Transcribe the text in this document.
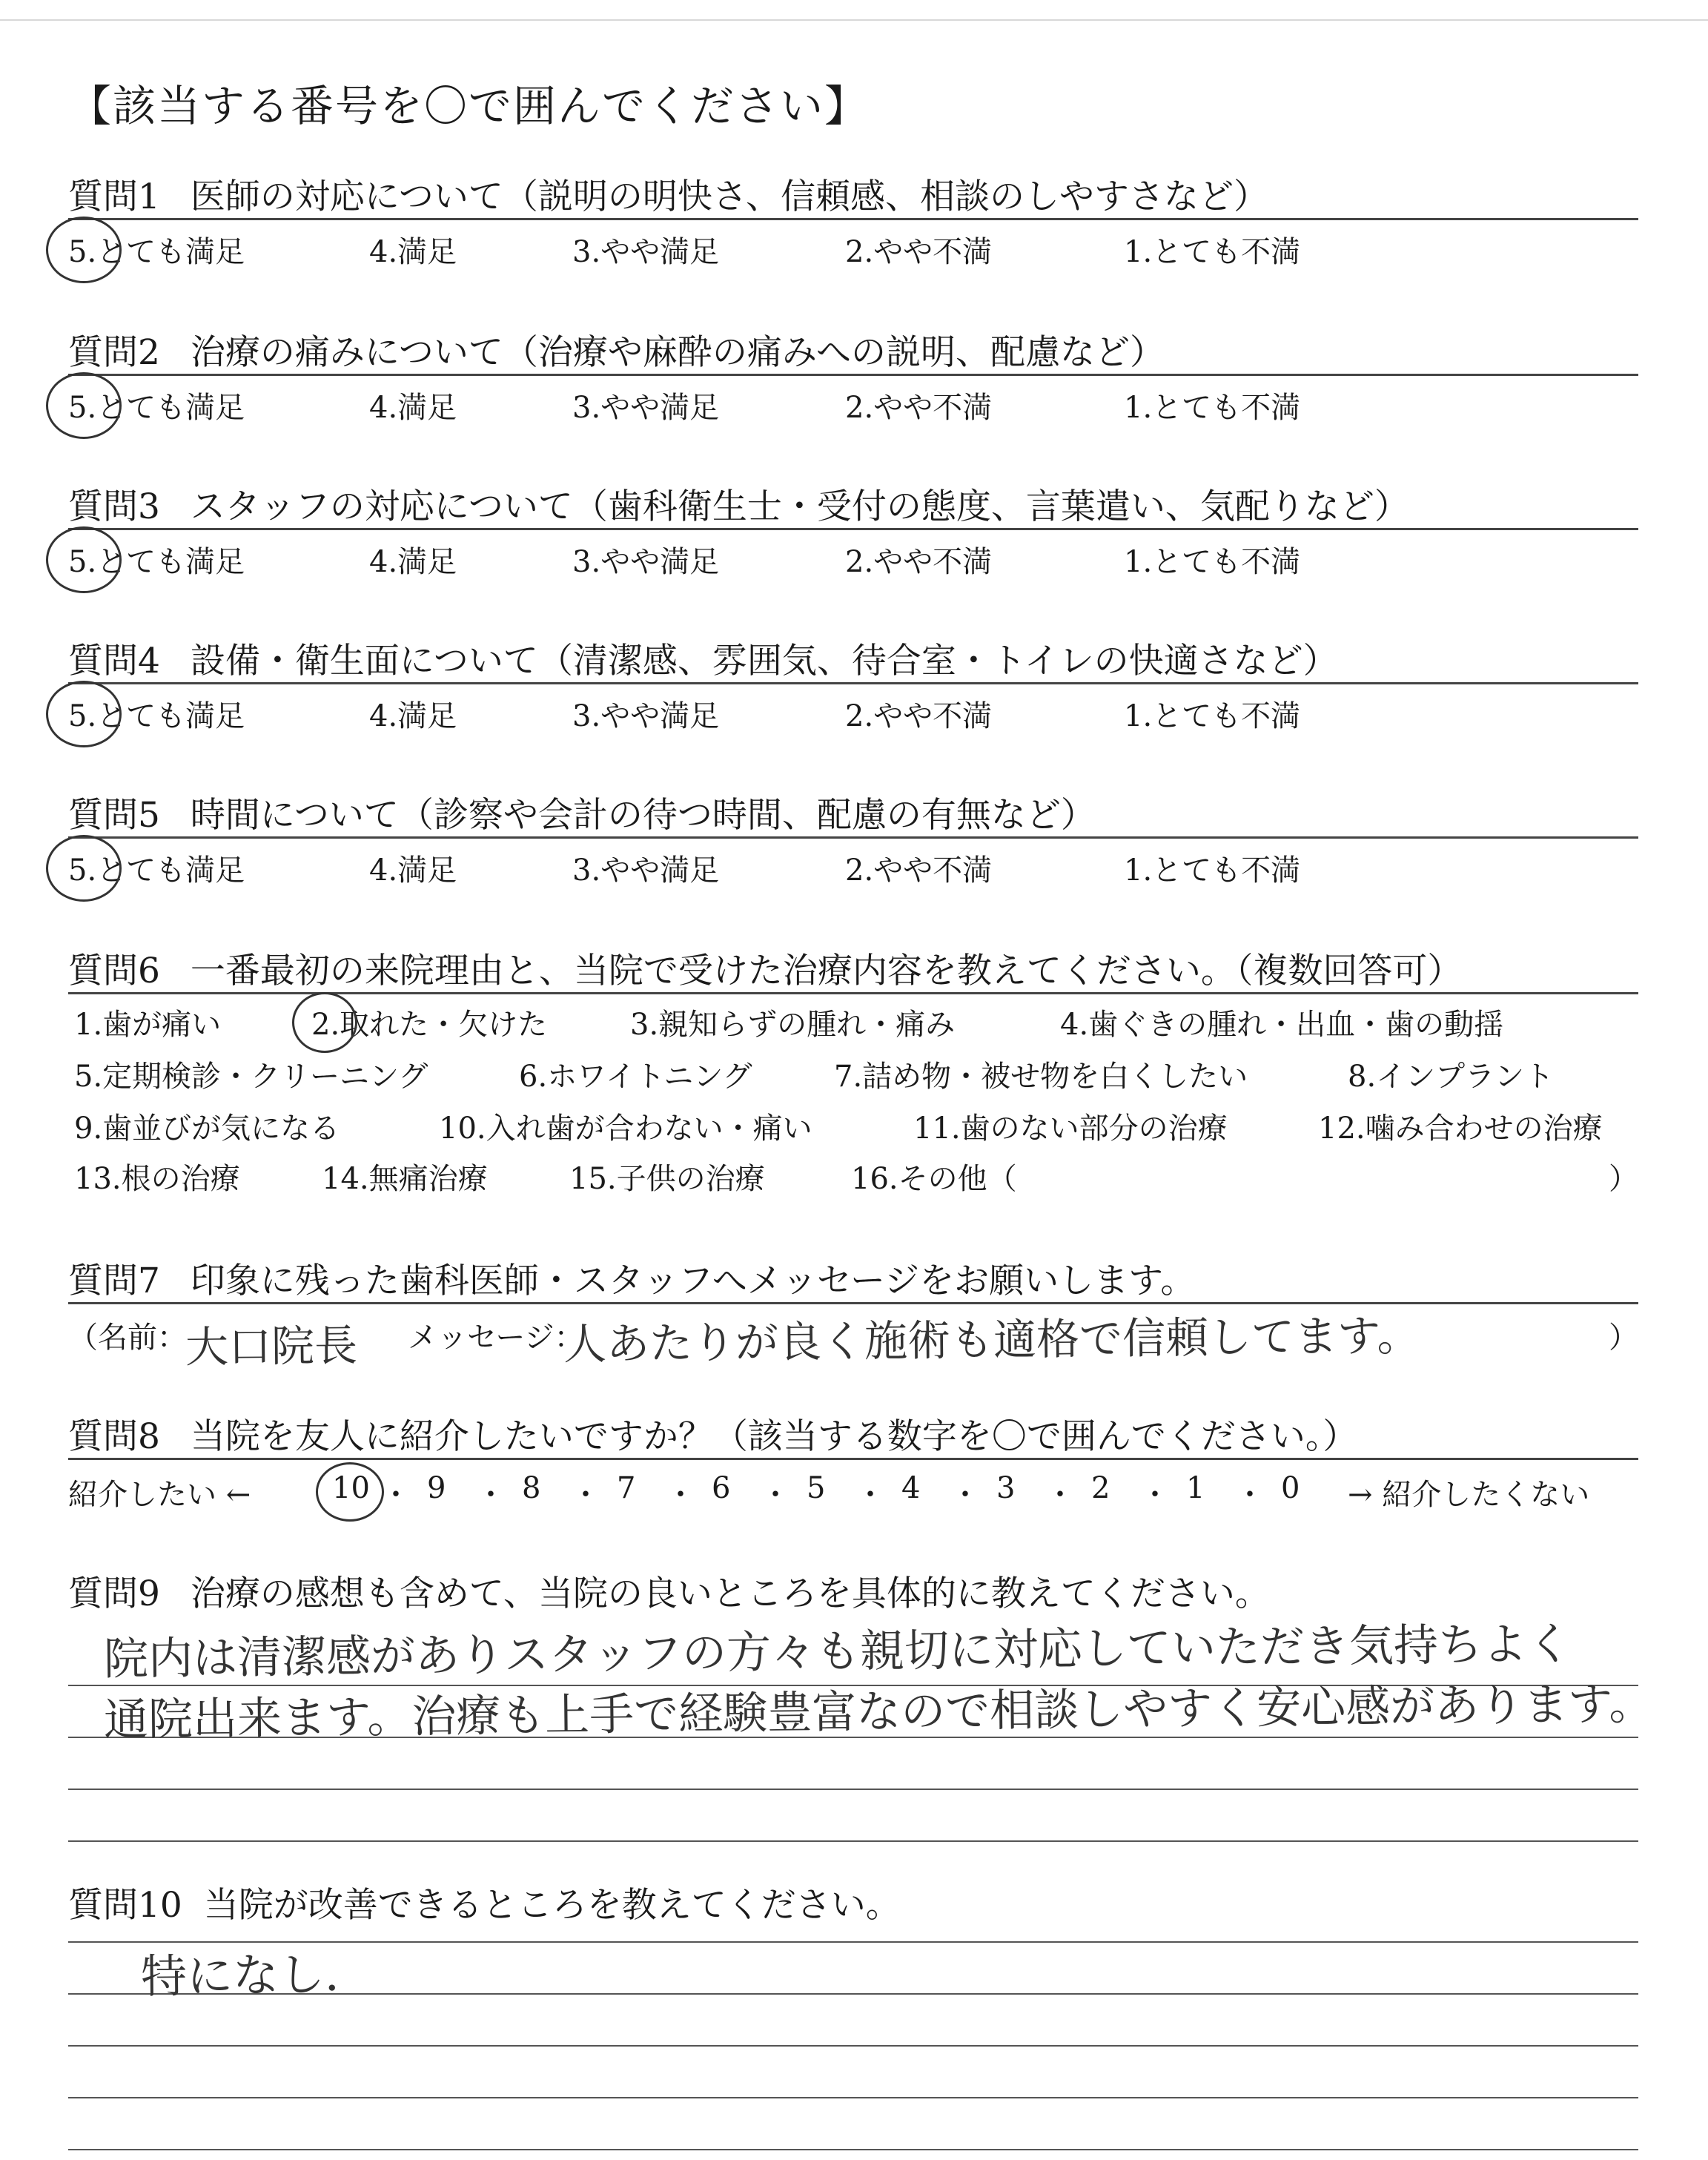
【該当する番号を〇で囲んでください】
質問1 医師の対応について（説明の明快さ、信頼感、相談のしやすさなど）
5.とても満足	4.満足	3.やや満足	2.やや不満	1.とても不満
質問2 治療の痛みについて（治療や麻酔の痛みへの説明、配慮など）
5.とても満足	4.満足	3.やや満足	2.やや不満	1.とても不満
質問3 スタッフの対応について（歯科衛生士・受付の態度、言葉遣い、気配りなど）
5.とても満足	4.満足	3.やや満足	2.やや不満	1.とても不満
質問4 設備・衛生面について（清潔感、雰囲気、待合室・トイレの快適さなど）
5.とても満足	4.満足	3.やや満足	2.やや不満	1.とても不満
質問5 時間について（診察や会計の待つ時間、配慮の有無など）
5.とても満足	4.満足	3.やや満足	2.やや不満	1.とても不満
質問6 一番最初の来院理由と、当院で受けた治療内容を教えてください。（複数回答可）
1.歯が痛い	2.取れた・欠けた	3.親知らずの腫れ・痛み	4.歯ぐきの腫れ・出血・歯の動揺
5.定期検診・クリーニング	6.ホワイトニング	7.詰め物・被せ物を白くしたい	8.インプラント
9.歯並びが気になる	10.入れ歯が合わない・痛い	11.歯のない部分の治療	12.噛み合わせの治療
13.根の治療	14.無痛治療	15.子供の治療	16.その他（	）
質問7 印象に残った歯科医師・スタッフへメッセージをお願いします。
（名前：
大口院長 メッセージ：
人あたりが良く施術も適格で信頼してます。	）
質問8 当院を友人に紹介したいですか？（該当する数字を〇で囲んでください。）
紹介したい ←	10 ・ 9 ・ 8 ・ 7 ・ 6 ・ 5 ・ 4 ・ 3 ・ 2 ・ 1 ・ 0 → 紹介したくない
質問9 治療の感想も含めて、当院の良いところを具体的に教えてください。
院内は清潔感がありスタッフの方々も親切に対応していただき気持ちよく
通院出来ます。治療も上手で経験豊富なので相談しやすく安心感があります。
質問10 当院が改善できるところを教えてください。
特になし．
